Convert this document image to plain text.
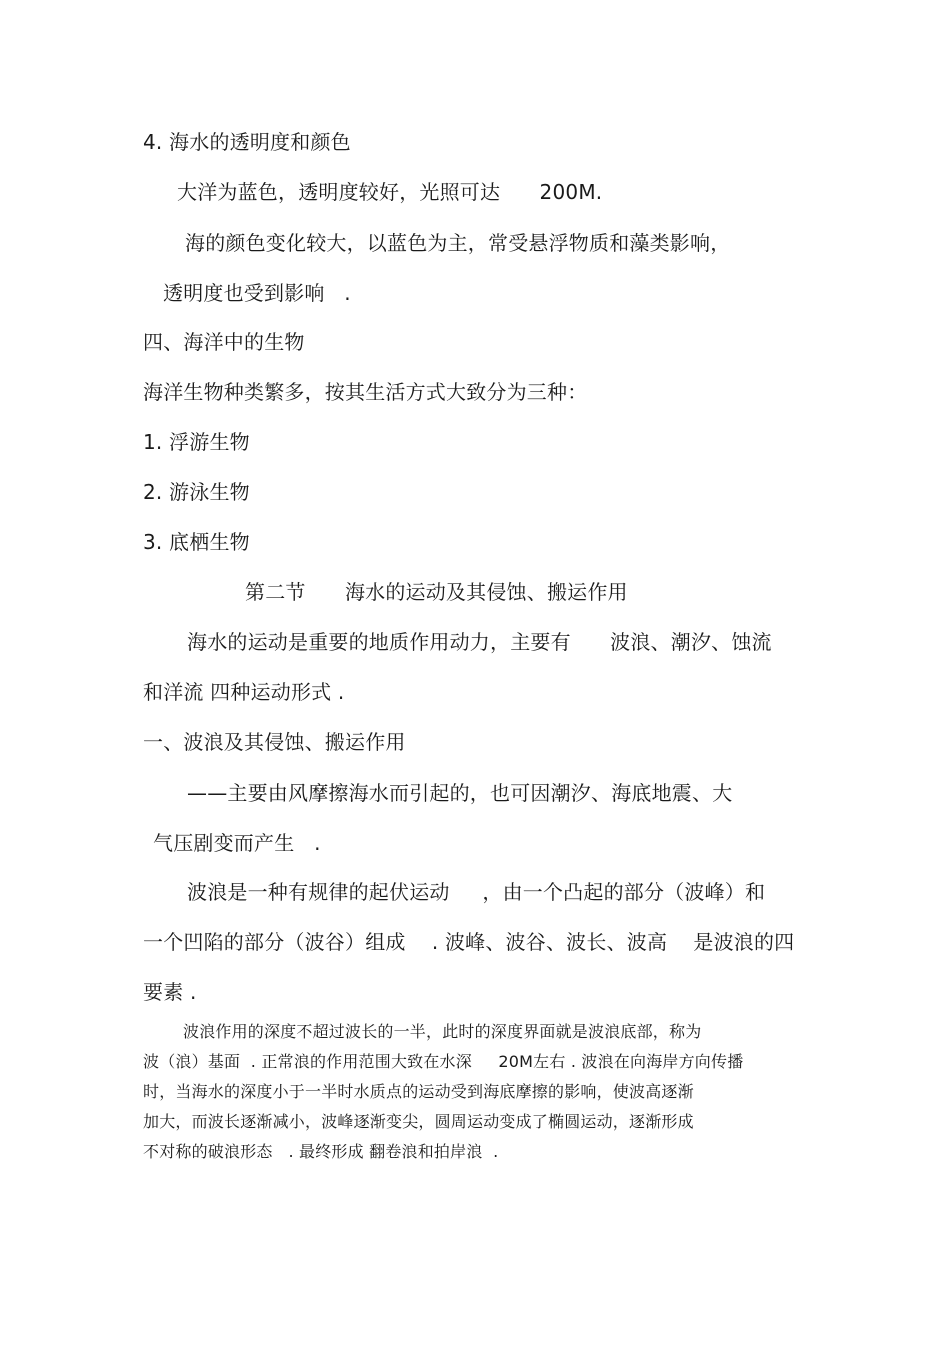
4. 海水的透明度和颜色
大洋为蓝色，透明度较好，光照可达      200M.
海的颜色变化较大，以蓝色为主，常受悬浮物质和藻类影响，
透明度也受到影响   .
四、海洋中的生物
海洋生物种类繁多，按其生活方式大致分为三种：
1. 浮游生物
2. 游泳生物
3. 底栖生物
第二节      海水的运动及其侵蚀、搬运作用
海水的运动是重要的地质作用动力，主要有      波浪、潮汐、蚀流
和洋流 四种运动形式 .
一、波浪及其侵蚀、搬运作用
——主要由风摩擦海水而引起的，也可因潮汐、海底地震、大
气压剧变而产生   .
波浪是一种有规律的起伏运动     ，由一个凸起的部分（波峰）和
一个凹陷的部分（波谷）组成    . 波峰、波谷、波长、波高    是波浪的四
要素 .
波浪作用的深度不超过波长的一半，此时的深度界面就是波浪底部，称为
波（浪）基面  . 正常浪的作用范围大致在水深     20M左右 . 波浪在向海岸方向传播
时，当海水的深度小于一半时水质点的运动受到海底摩擦的影响，使波高逐渐
加大，而波长逐渐减小，波峰逐渐变尖，圆周运动变成了椭圆运动，逐渐形成
不对称的破浪形态   . 最终形成 翻卷浪和拍岸浪  .
